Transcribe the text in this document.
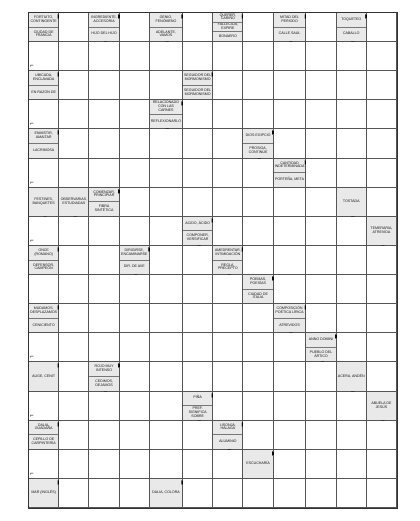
FORTUITO, CONTINGENTE
CIUDAD DE FRANCIA
INGREDIENTE, ACCESORIA
HIJO DEL HIJO
GENIO, FENÓMENO
ADELANTE, VAMOS
QUERER, CARIÑO
FALLECIDA, EXPIRE
BONAERO
MITAD DEL PERIODO
CALLE SAUL
TOQUETEO
CABALLO
⌐
UBICADA, ENCLAVADA
EN RAZON DE
SEGUIDOR DEL MORMONISMO
SEGUIDOR DEL MORMONISMO
⌐
RELACIONADO CON LAS CARNES
REFLEXIONARLO
ENMISTIR, AMAITAR
LACRIMOSA
DIOS EGIPCIO
PROSIGA, CONTINÚE
⌐
CANTIDAD INDETERMINADA
PORTEÑA, META
FESTINES, BANQUETES
OBSERVARIAS, ESTUDIADAS
COMENZAR, PRINCIPIAR
FIBRA SINTÉTICA
TOSTADA
⌐
ACIDO, ÁCIDO
COMPONER, VERSIFICAR
TEMERARIA, ATREVIDA
ONCE (ROMANO)
DEFENSOR, CAMPEÓN
DIRIGIRSE, ENCAMINARSE
DIR. DE AVE
AMEDRENTAR, INTIMIDACIÓN
REGLA, PRECEPTO
POEMAS, POESÍAS
CIUDAD DE ITALIA
MUDAMOS, DESPLAZAMOS
CENICIENTO
COMPOSICIÓN POÉTICA LÍRICA
ATREVIDOS
⌐
ANNO DOMINI
PUEBLO DEL ÁRTICO
AUGE, CENIT
ROJO MUY INTENSO
CEDIMOS, DEJAMOS
ACERA, ANDÉN
⌐
PIÑA
PREF. SIGNIFICA SOBRE
ABUELA DE JESÚS
DALIA, GUADAÑA
CEPILLO DE CARPINTERÍA
LISONJA, HALAGA
ALUMINIO
⌐
ESCUCHARÍA
MAR (INGLÉS)	DALIA, COLORA
